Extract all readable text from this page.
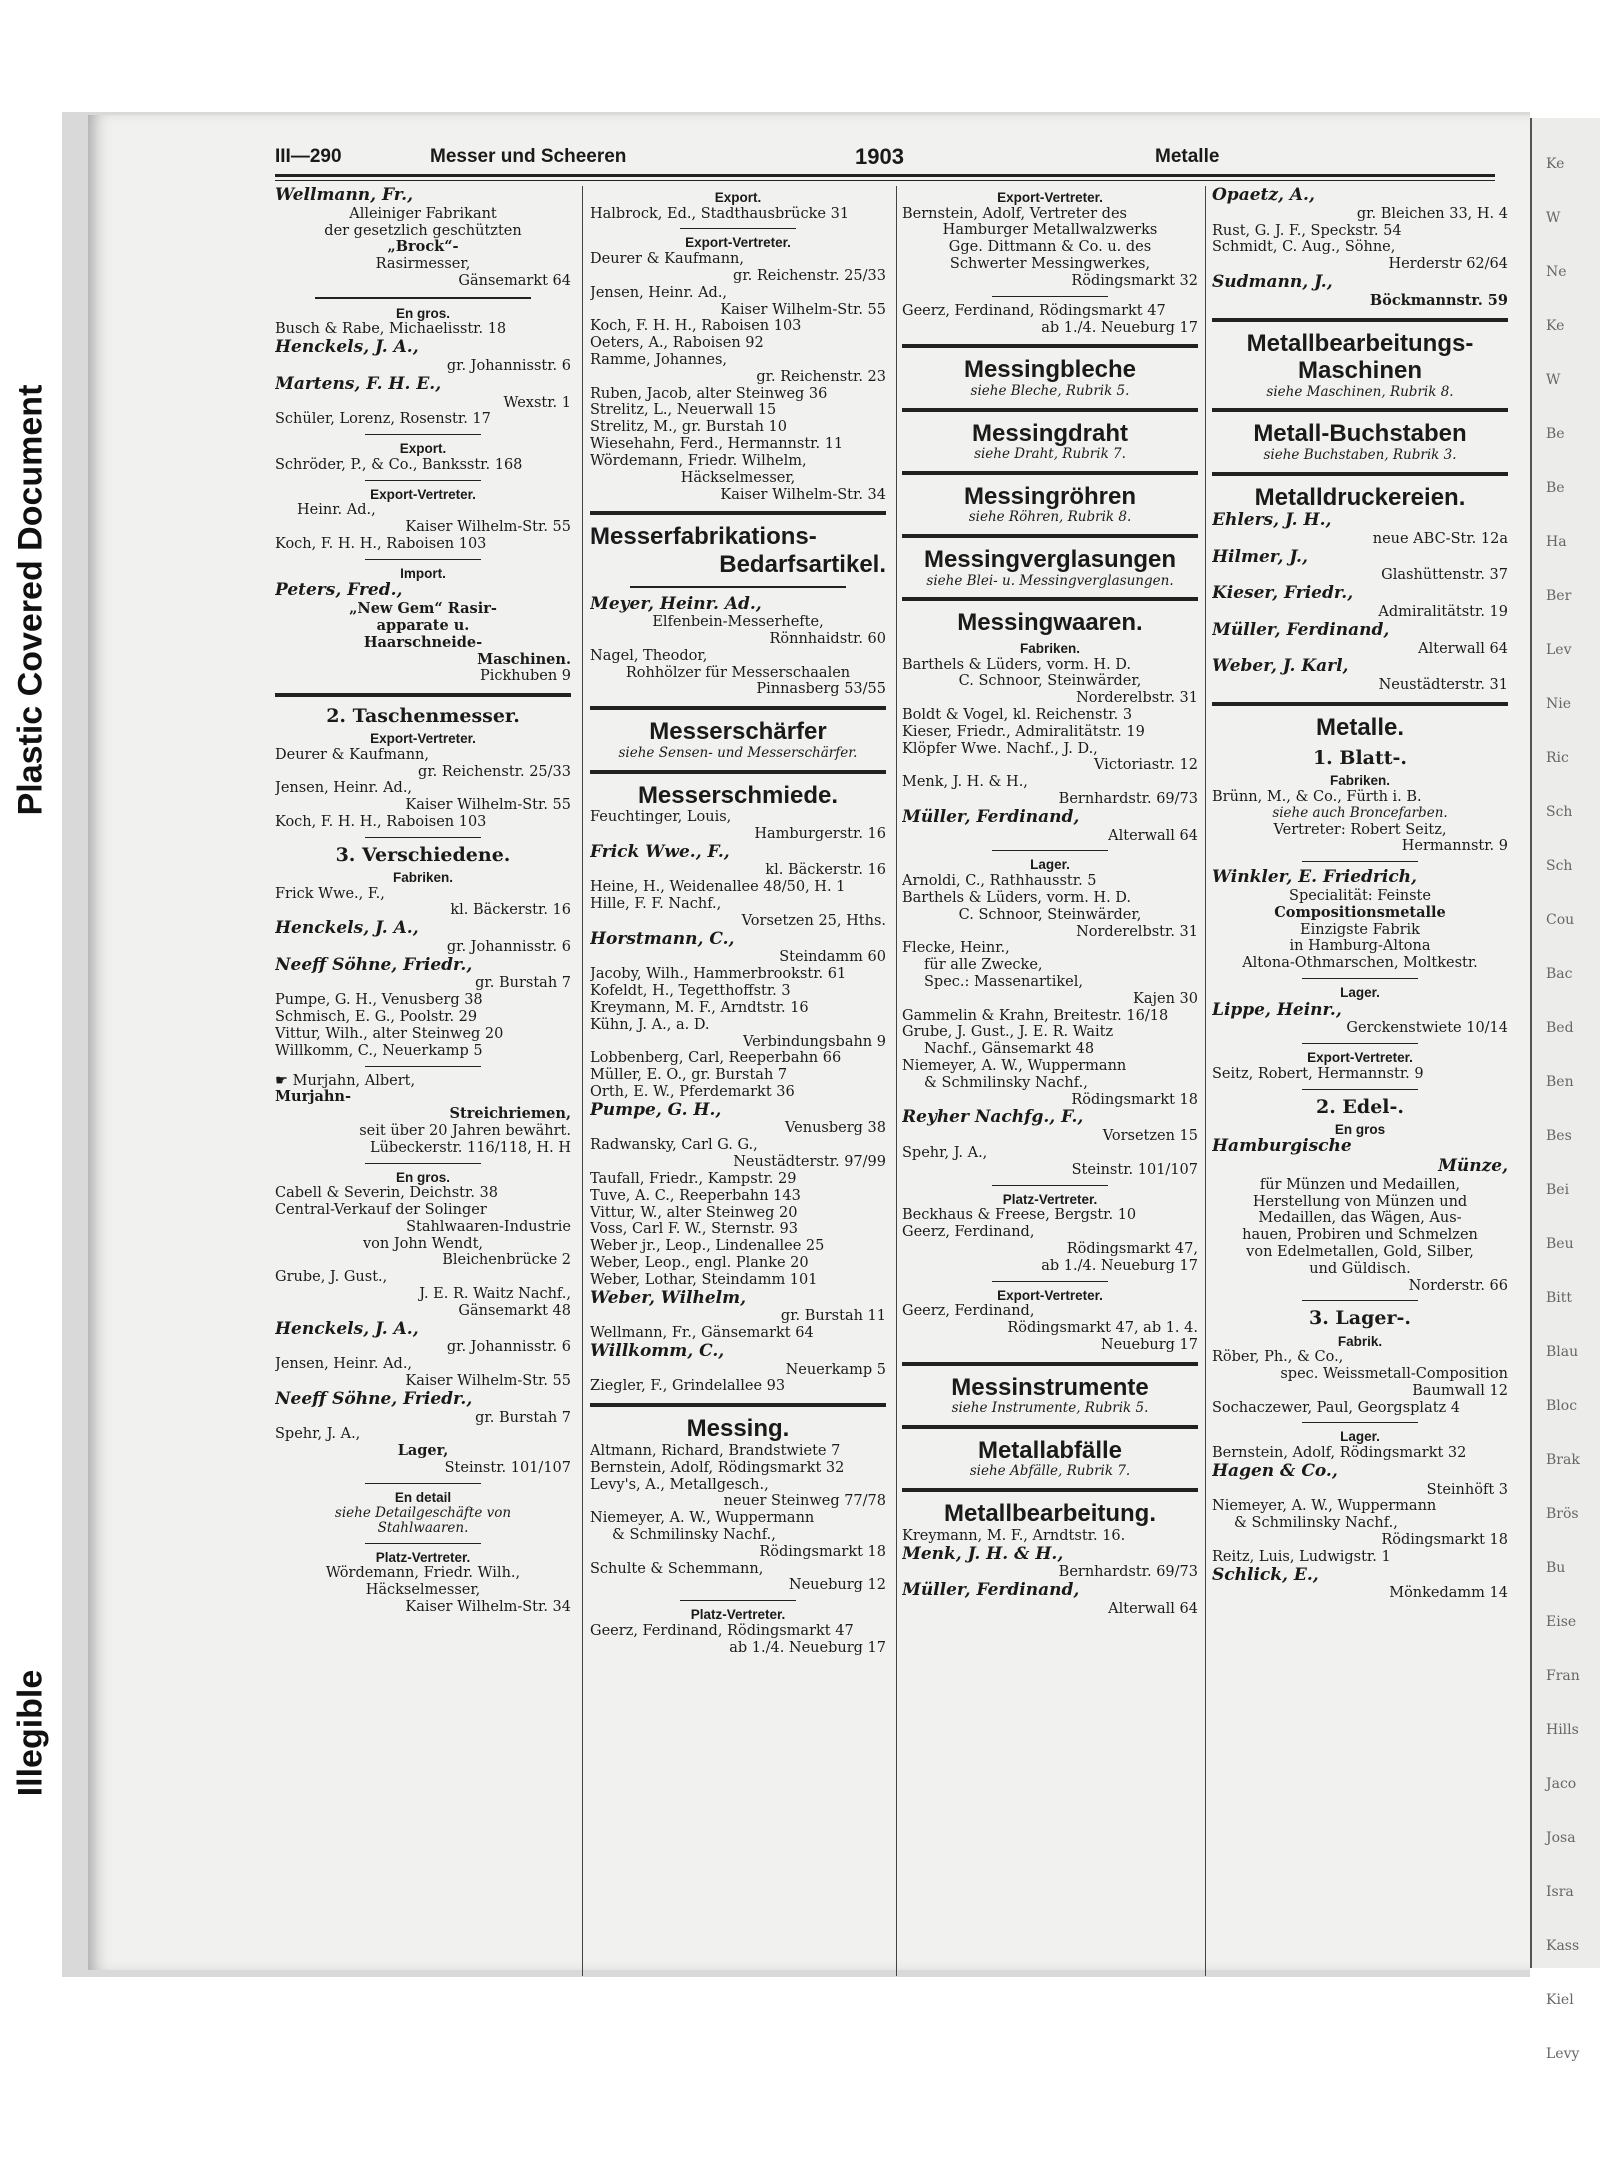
Plastic Covered Document
Illegible
Ke
W
Ne
Ke
W
Be
Be
Ha
Ber
Lev
Nie
Ric
Sch
Sch
Cou
Bac
Bed
Ben
Bes
Bei
Beu
Bitt
Blau
Bloc
Brak
Brös
Bu
Eise
Fran
Hills
Jaco
Josa
Isra
Kass
Kiel
Levy
III—290	Messer und Scheeren	1903	Metalle
Wellmann, Fr.,
Alleiniger Fabrikant
der gesetzlich geschützten
„Brock“-
Rasirmesser,
Gänsemarkt 64
En gros.
Busch & Rabe, Michaelisstr. 18
Henckels, J. A.,
gr. Johannisstr. 6
Martens, F. H. E.,
Wexstr. 1
Schüler, Lorenz, Rosenstr. 17
Export.
Schröder, P., & Co., Banksstr. 168
Export-Vertreter.
Heinr. Ad.,
Kaiser Wilhelm-Str. 55
Koch, F. H. H., Raboisen 103
Import.
Peters, Fred.,
„New Gem“ Rasir-
apparate u.
Haarschneide-
Maschinen.
Pickhuben 9
2. Taschenmesser.
Export-Vertreter.
Deurer & Kaufmann,
gr. Reichenstr. 25/33
Jensen, Heinr. Ad.,
Kaiser Wilhelm-Str. 55
Koch, F. H. H., Raboisen 103
3. Verschiedene.
Fabriken.
Frick Wwe., F.,
kl. Bäckerstr. 16
Henckels, J. A.,
gr. Johannisstr. 6
Neeff Söhne, Friedr.,
gr. Burstah 7
Pumpe, G. H., Venusberg 38
Schmisch, E. G., Poolstr. 29
Vittur, Wilh., alter Steinweg 20
Willkomm, C., Neuerkamp 5
☛ Murjahn, Albert,
Murjahn-
Streichriemen,
seit über 20 Jahren bewährt.
Lübeckerstr. 116/118, H. H
En gros.
Cabell & Severin, Deichstr. 38
Central-Verkauf der Solinger
Stahlwaaren-Industrie
von John Wendt,
Bleichenbrücke 2
Grube, J. Gust.,
J. E. R. Waitz Nachf.,
Gänsemarkt 48
Henckels, J. A.,
gr. Johannisstr. 6
Jensen, Heinr. Ad.,
Kaiser Wilhelm-Str. 55
Neeff Söhne, Friedr.,
gr. Burstah 7
Spehr, J. A.,
Lager,
Steinstr. 101/107
En detail
siehe Detailgeschäfte von
Stahlwaaren.
Platz-Vertreter.
Wördemann, Friedr. Wilh.,
Häckselmesser,
Kaiser Wilhelm-Str. 34
Export.
Halbrock, Ed., Stadthausbrücke 31
Export-Vertreter.
Deurer & Kaufmann,
gr. Reichenstr. 25/33
Jensen, Heinr. Ad.,
Kaiser Wilhelm-Str. 55
Koch, F. H. H., Raboisen 103
Oeters, A., Raboisen 92
Ramme, Johannes,
gr. Reichenstr. 23
Ruben, Jacob, alter Steinweg 36
Strelitz, L., Neuerwall 15
Strelitz, M., gr. Burstah 10
Wiesehahn, Ferd., Hermannstr. 11
Wördemann, Friedr. Wilhelm,
Häckselmesser,
Kaiser Wilhelm-Str. 34
Messerfabrikations-
Bedarfsartikel.
Meyer, Heinr. Ad.,
Elfenbein-Messerhefte,
Rönnhaidstr. 60
Nagel, Theodor,
Rohhölzer für Messerschaalen
Pinnasberg 53/55
Messerschärfer
siehe Sensen- und Messerschärfer.
Messerschmiede.
Feuchtinger, Louis,
Hamburgerstr. 16
Frick Wwe., F.,
kl. Bäckerstr. 16
Heine, H., Weidenallee 48/50, H. 1
Hille, F. F. Nachf.,
Vorsetzen 25, Hths.
Horstmann, C.,
Steindamm 60
Jacoby, Wilh., Hammerbrookstr. 61
Kofeldt, H., Tegetthoffstr. 3
Kreymann, M. F., Arndtstr. 16
Kühn, J. A., a. D.
Verbindungsbahn 9
Lobbenberg, Carl, Reeperbahn 66
Müller, E. O., gr. Burstah 7
Orth, E. W., Pferdemarkt 36
Pumpe, G. H.,
Venusberg 38
Radwansky, Carl G. G.,
Neustädterstr. 97/99
Taufall, Friedr., Kampstr. 29
Tuve, A. C., Reeperbahn 143
Vittur, W., alter Steinweg 20
Voss, Carl F. W., Sternstr. 93
Weber jr., Leop., Lindenallee 25
Weber, Leop., engl. Planke 20
Weber, Lothar, Steindamm 101
Weber, Wilhelm,
gr. Burstah 11
Wellmann, Fr., Gänsemarkt 64
Willkomm, C.,
Neuerkamp 5
Ziegler, F., Grindelallee 93
Messing.
Altmann, Richard, Brandstwiete 7
Bernstein, Adolf, Rödingsmarkt 32
Levy's, A., Metallgesch.,
neuer Steinweg 77/78
Niemeyer, A. W., Wuppermann
& Schmilinsky Nachf.,
Rödingsmarkt 18
Schulte & Schemmann,
Neueburg 12
Platz-Vertreter.
Geerz, Ferdinand, Rödingsmarkt 47
ab 1./4. Neueburg 17
Export-Vertreter.
Bernstein, Adolf, Vertreter des
Hamburger Metallwalzwerks
Gge. Dittmann & Co. u. des
Schwerter Messingwerkes,
Rödingsmarkt 32
Geerz, Ferdinand, Rödingsmarkt 47
ab 1./4. Neueburg 17
Messingbleche
siehe Bleche, Rubrik 5.
Messingdraht
siehe Draht, Rubrik 7.
Messingröhren
siehe Röhren, Rubrik 8.
Messingverglasungen
siehe Blei- u. Messingverglasungen.
Messingwaaren.
Fabriken.
Barthels & Lüders, vorm. H. D.
C. Schnoor, Steinwärder,
Norderelbstr. 31
Boldt & Vogel, kl. Reichenstr. 3
Kieser, Friedr., Admiralitätstr. 19
Klöpfer Wwe. Nachf., J. D.,
Victoriastr. 12
Menk, J. H. & H.,
Bernhardstr. 69/73
Müller, Ferdinand,
Alterwall 64
Lager.
Arnoldi, C., Rathhausstr. 5
Barthels & Lüders, vorm. H. D.
C. Schnoor, Steinwärder,
Norderelbstr. 31
Flecke, Heinr.,
für alle Zwecke,
Spec.: Massenartikel,
Kajen 30
Gammelin & Krahn, Breitestr. 16/18
Grube, J. Gust., J. E. R. Waitz
Nachf., Gänsemarkt 48
Niemeyer, A. W., Wuppermann
& Schmilinsky Nachf.,
Rödingsmarkt 18
Reyher Nachfg., F.,
Vorsetzen 15
Spehr, J. A.,
Steinstr. 101/107
Platz-Vertreter.
Beckhaus & Freese, Bergstr. 10
Geerz, Ferdinand,
Rödingsmarkt 47,
ab 1./4. Neueburg 17
Export-Vertreter.
Geerz, Ferdinand,
Rödingsmarkt 47, ab 1. 4.
Neueburg 17
Messinstrumente
siehe Instrumente, Rubrik 5.
Metallabfälle
siehe Abfälle, Rubrik 7.
Metallbearbeitung.
Kreymann, M. F., Arndtstr. 16.
Menk, J. H. & H.,
Bernhardstr. 69/73
Müller, Ferdinand,
Alterwall 64
Opaetz, A.,
gr. Bleichen 33, H. 4
Rust, G. J. F., Speckstr. 54
Schmidt, C. Aug., Söhne,
Herderstr 62/64
Sudmann, J.,
Böckmannstr. 59
Metallbearbeitungs-
Maschinen
siehe Maschinen, Rubrik 8.
Metall-Buchstaben
siehe Buchstaben, Rubrik 3.
Metalldruckereien.
Ehlers, J. H.,
neue ABC-Str. 12a
Hilmer, J.,
Glashüttenstr. 37
Kieser, Friedr.,
Admiralitätstr. 19
Müller, Ferdinand,
Alterwall 64
Weber, J. Karl,
Neustädterstr. 31
Metalle.
1. Blatt-.
Fabriken.
Brünn, M., & Co., Fürth i. B.
siehe auch Broncefarben.
Vertreter: Robert Seitz,
Hermannstr. 9
Winkler, E. Friedrich,
Specialität: Feinste
Compositionsmetalle
Einzigste Fabrik
in Hamburg-Altona
Altona-Othmarschen, Moltkestr.
Lager.
Lippe, Heinr.,
Gerckenstwiete 10/14
Export-Vertreter.
Seitz, Robert, Hermannstr. 9
2. Edel-.
En gros
Hamburgische
Münze,
für Münzen und Medaillen,
Herstellung von Münzen und
Medaillen, das Wägen, Aus-
hauen, Probiren und Schmelzen
von Edelmetallen, Gold, Silber,
und Güldisch.
Norderstr. 66
3. Lager-.
Fabrik.
Röber, Ph., & Co.,
spec. Weissmetall-Composition
Baumwall 12
Sochaczewer, Paul, Georgsplatz 4
Lager.
Bernstein, Adolf, Rödingsmarkt 32
Hagen & Co.,
Steinhöft 3
Niemeyer, A. W., Wuppermann
& Schmilinsky Nachf.,
Rödingsmarkt 18
Reitz, Luis, Ludwigstr. 1
Schlick, E.,
Mönkedamm 14
